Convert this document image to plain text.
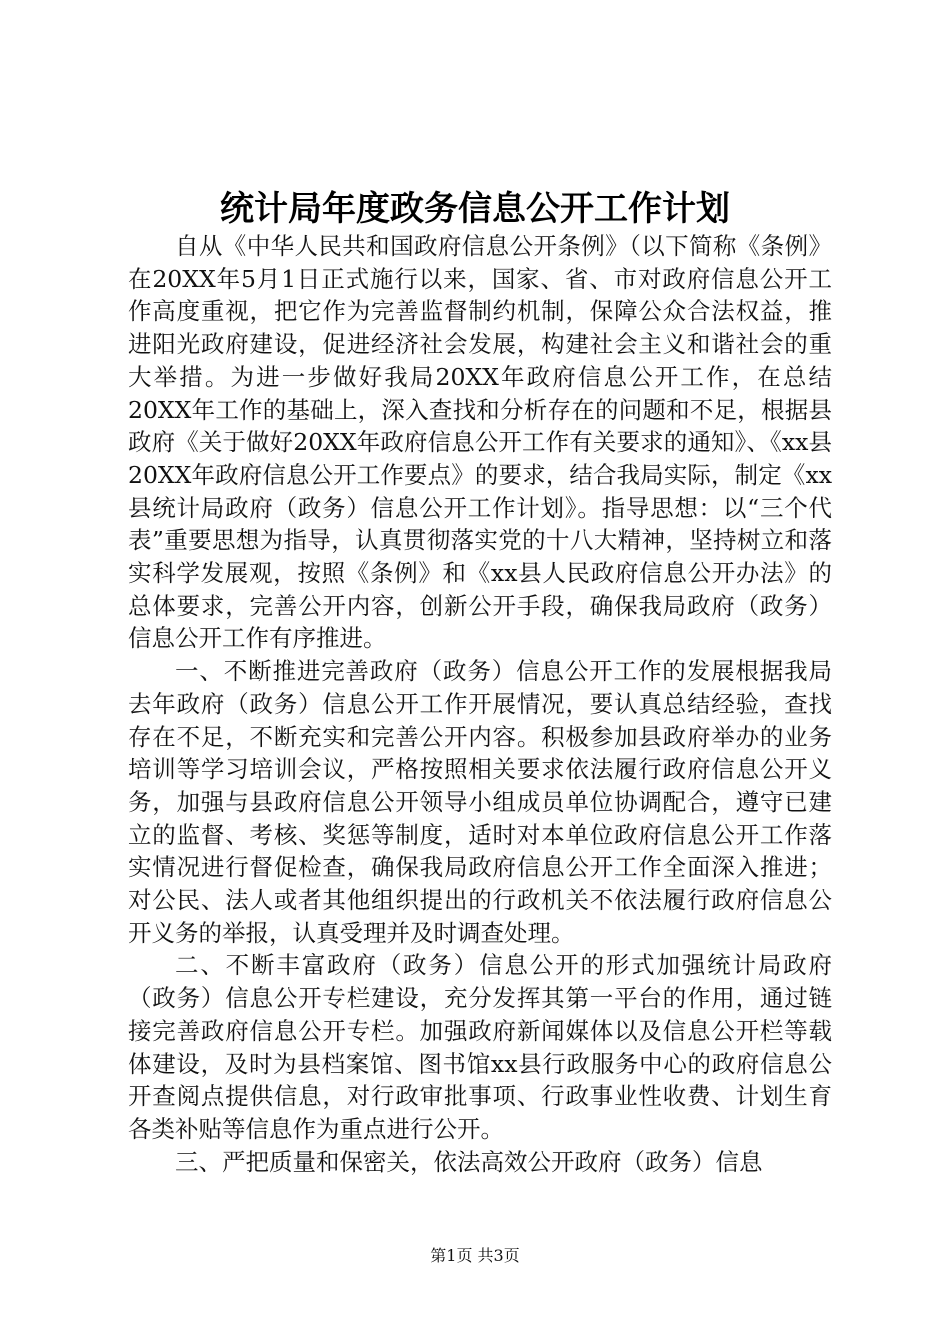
统计局年度政务信息公开工作计划

自从《中华人民共和国政府信息公开条例》（以下简称《条例》在20XX年5月1日正式施行以来，国家、省、市对政府信息公开工作高度重视，把它作为完善监督制约机制，保障公众合法权益，推进阳光政府建设，促进经济社会发展，构建社会主义和谐社会的重大举措。为进一步做好我局20XX年政府信息公开工作，在总结20XX年工作的基础上，深入查找和分析存在的问题和不足，根据县政府《关于做好20XX年政府信息公开工作有关要求的通知》、《xx县20XX年政府信息公开工作要点》的要求，结合我局实际，制定《xx县统计局政府（政务）信息公开工作计划》。指导思想：以“三个代表”重要思想为指导，认真贯彻落实党的十八大精神，坚持树立和落实科学发展观，按照《条例》和《xx县人民政府信息公开办法》的总体要求，完善公开内容，创新公开手段，确保我局政府（政务）信息公开工作有序推进。

一、不断推进完善政府（政务）信息公开工作的发展根据我局去年政府（政务）信息公开工作开展情况，要认真总结经验，查找存在不足，不断充实和完善公开内容。积极参加县政府举办的业务培训等学习培训会议，严格按照相关要求依法履行政府信息公开义务，加强与县政府信息公开领导小组成员单位协调配合，遵守已建立的监督、考核、奖惩等制度，适时对本单位政府信息公开工作落实情况进行督促检查，确保我局政府信息公开工作全面深入推进；对公民、法人或者其他组织提出的行政机关不依法履行政府信息公开义务的举报，认真受理并及时调查处理。

二、不断丰富政府（政务）信息公开的形式加强统计局政府（政务）信息公开专栏建设，充分发挥其第一平台的作用，通过链接完善政府信息公开专栏。加强政府新闻媒体以及信息公开栏等载体建设，及时为县档案馆、图书馆xx县行政服务中心的政府信息公开查阅点提供信息，对行政审批事项、行政事业性收费、计划生育各类补贴等信息作为重点进行公开。

三、严把质量和保密关，依法高效公开政府（政务）信息

第1页 共3页
